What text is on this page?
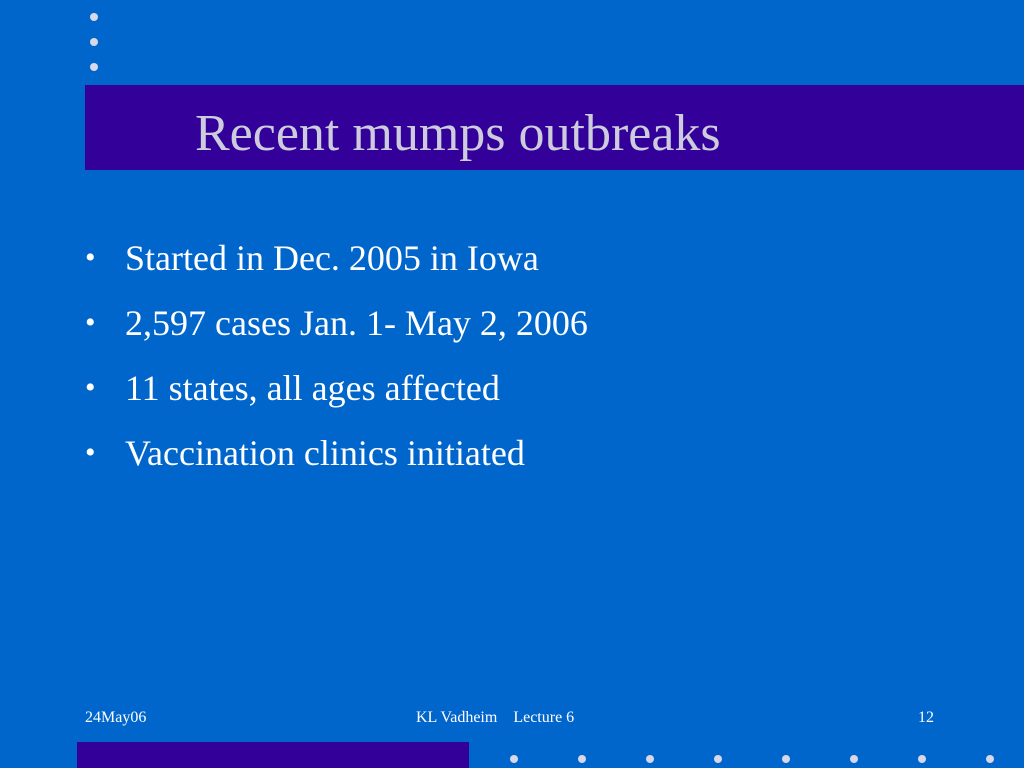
Recent mumps outbreaks
• Started in Dec. 2005 in Iowa
• 2,597 cases Jan. 1- May 2, 2006
• 11 states, all ages affected
• Vaccination clinics initiated
24May06	KL Vadheim    Lecture 6	12
